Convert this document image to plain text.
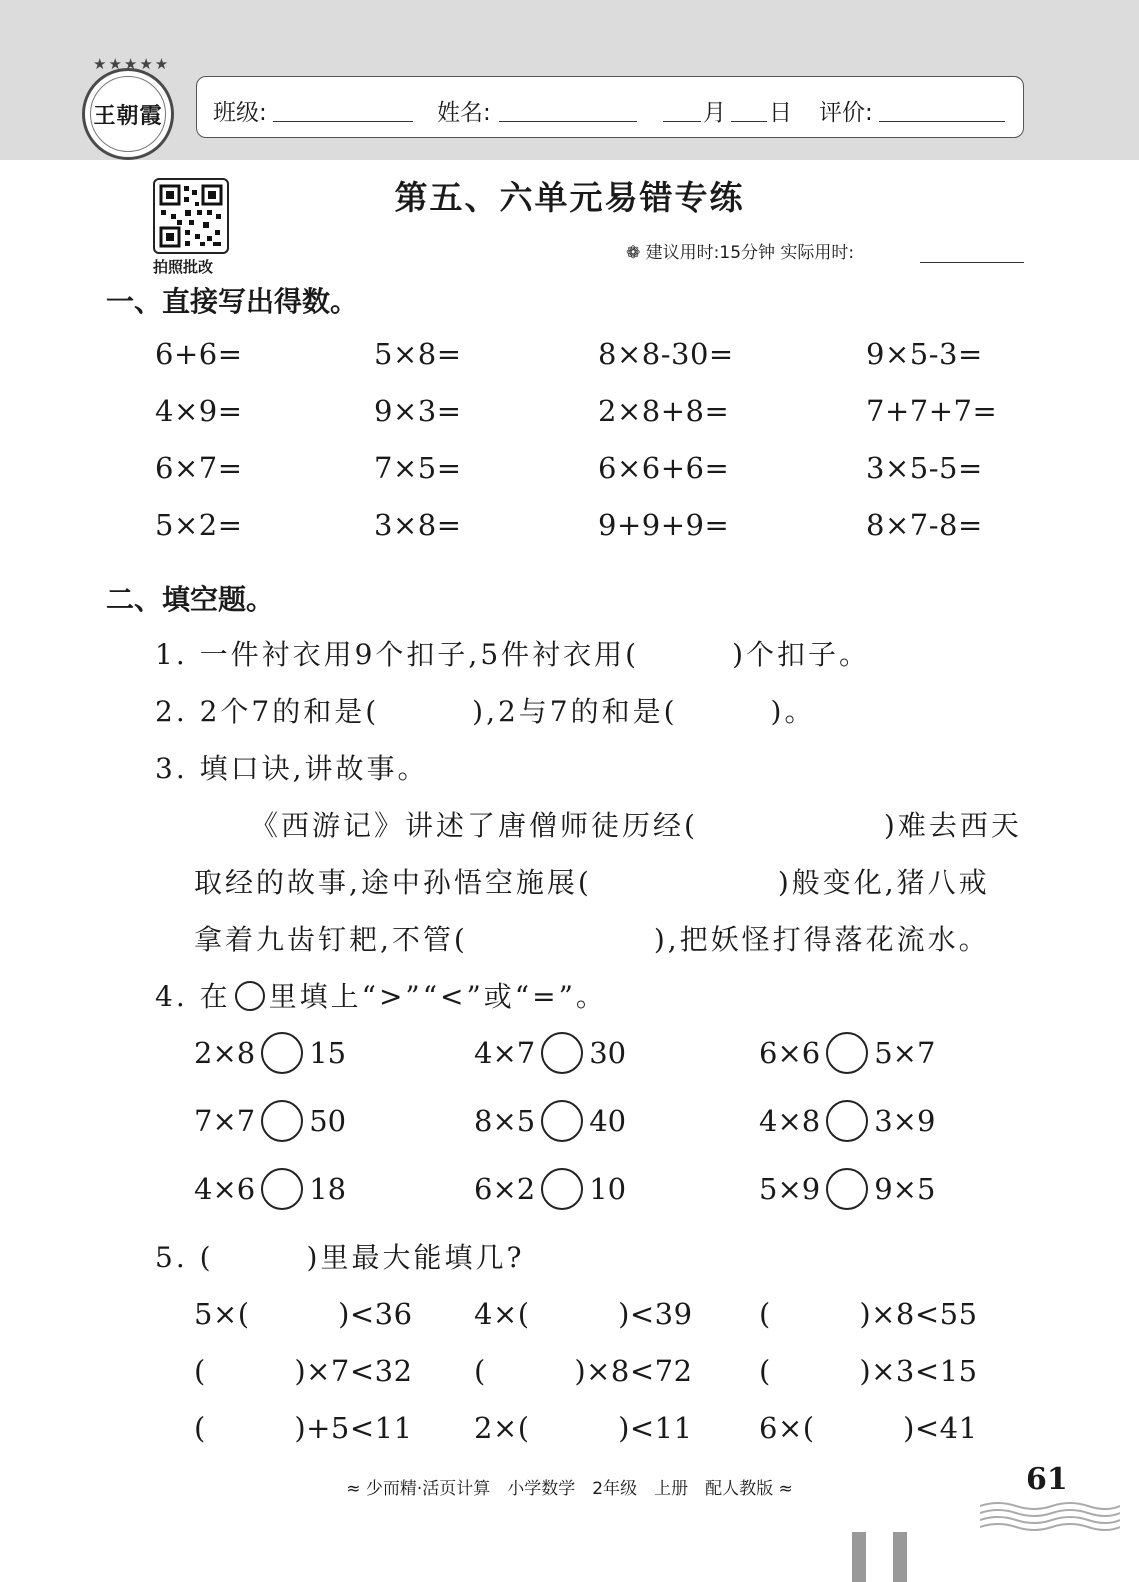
★★★★★
王朝霞 班级:	姓名:	月 日 评价:
拍照批改
第五、六单元易错专练
❁ 建议用时:15分钟 实际用时:
一、直接写出得数。
6+6=	5×8=	8×8-30=	9×5-3=
4×9=	9×3=	2×8+8=	7+7+7=
6×7=	7×5=	6×6+6=	3×5-5=
5×2=	3×8=	9+9+9=	8×7-8=
二、填空题。
1. 一件衬衣用9个扣子,5件衬衣用(　　　)个扣子。
2. 2个7的和是(　　　),2与7的和是(　　　)。
3. 填口诀,讲故事。
《西游记》讲述了唐僧师徒历经(　　　　　　)难去西天
取经的故事,途中孙悟空施展(　　　　　　)般变化,猪八戒
拿着九齿钉耙,不管(　　　　　　),把妖怪打得落花流水。
4. 在 里填上“>”“<”或“=”。
2×8 15	4×7 30	6×6 5×7
7×7 50	8×5 40	4×8 3×9
4×6 18	6×2 10	5×9 9×5
5. (　　　)里最大能填几?
5×(　　　)<36 4×(　　　)<39 (　　　)×8<55
(　　　)×7<32 (　　　)×8<72 (　　　)×3<15
(　　　)+5<11 2×(　　　)<11 6×(　　　)<41
≈ 少而精·活页计算　小学数学　2年级　上册　配人教版 ≈	61
